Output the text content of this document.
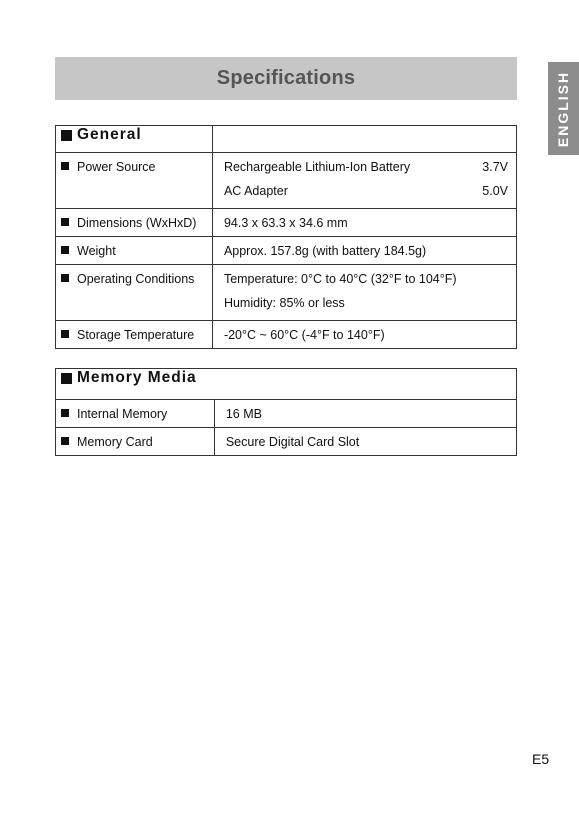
Specifications	ENGLISH
General	

Power Source	Rechargeable Lithium-Ion Battery 3.7V
AC Adapter 5.0V

Dimensions (WxHxD)	94.3 x 63.3 x 34.6 mm

Weight	Approx. 157.8g (with battery 184.5g)

Operating Conditions	Temperature: 0°C to 40°C (32°F to 104°F)
Humidity: 85% or less

Storage Temperature	-20°C ~ 60°C (-4°F to 140°F)
Memory Media	

Internal Memory	16 MB

Memory Card	Secure Digital Card Slot
E5
